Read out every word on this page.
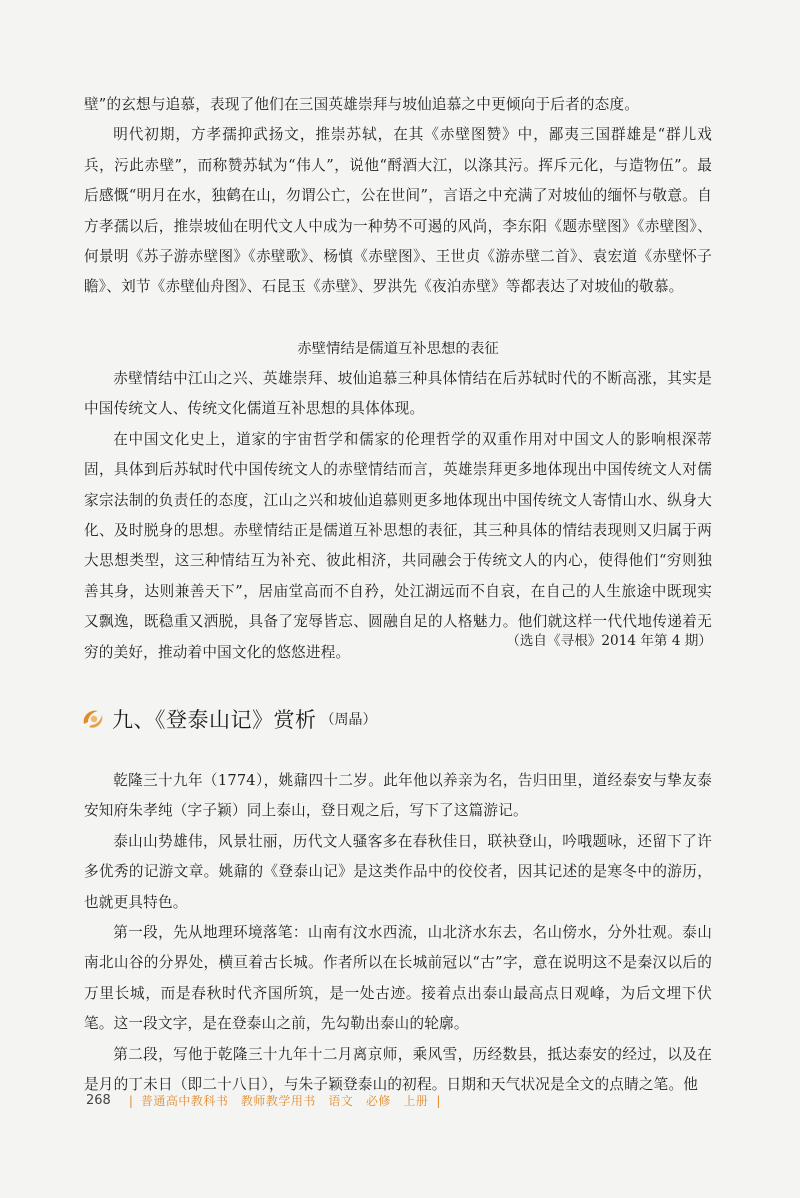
壁”的玄想与追慕，表现了他们在三国英雄崇拜与坡仙追慕之中更倾向于后者的态度。

明代初期，方孝孺抑武扬文，推崇苏轼，在其《赤壁图赞》中，鄙夷三国群雄是“群儿戏兵，污此赤壁”，而称赞苏轼为“伟人”，说他“酹酒大江，以涤其污。挥斥元化，与造物伍”。最后感慨“明月在水，独鹤在山，勿谓公亡，公在世间”，言语之中充满了对坡仙的缅怀与敬意。自方孝孺以后，推崇坡仙在明代文人中成为一种势不可遏的风尚，李东阳《题赤壁图》《赤壁图》、何景明《苏子游赤壁图》《赤壁歌》、杨慎《赤壁图》、王世贞《游赤壁二首》、袁宏道《赤壁怀子瞻》、刘节《赤壁仙舟图》、石昆玉《赤壁》、罗洪先《夜泊赤壁》等都表达了对坡仙的敬慕。

赤壁情结是儒道互补思想的表征

赤壁情结中江山之兴、英雄崇拜、坡仙追慕三种具体情结在后苏轼时代的不断高涨，其实是中国传统文人、传统文化儒道互补思想的具体体现。

在中国文化史上，道家的宇宙哲学和儒家的伦理哲学的双重作用对中国文人的影响根深蒂固，具体到后苏轼时代中国传统文人的赤壁情结而言，英雄崇拜更多地体现出中国传统文人对儒家宗法制的负责任的态度，江山之兴和坡仙追慕则更多地体现出中国传统文人寄情山水、纵身大化、及时脱身的思想。赤壁情结正是儒道互补思想的表征，其三种具体的情结表现则又归属于两大思想类型，这三种情结互为补充、彼此相济，共同融会于传统文人的内心，使得他们“穷则独善其身，达则兼善天下”，居庙堂高而不自矜，处江湖远而不自哀，在自己的人生旅途中既现实又飘逸，既稳重又洒脱，具备了宠辱皆忘、圆融自足的人格魅力。他们就这样一代代地传递着无穷的美好，推动着中国文化的悠悠进程。

（选自《寻根》2014 年第 4 期）
九、《登泰山记》赏析 （周晶）

乾隆三十九年（1774），姚鼐四十二岁。此年他以养亲为名，告归田里，道经泰安与挚友泰安知府朱孝纯（字子颖）同上泰山，登日观之后，写下了这篇游记。

泰山山势雄伟，风景壮丽，历代文人骚客多在春秋佳日，联袂登山，吟哦题咏，还留下了许多优秀的记游文章。姚鼐的《登泰山记》是这类作品中的佼佼者，因其记述的是寒冬中的游历，也就更具特色。

第一段，先从地理环境落笔：山南有汶水西流，山北济水东去，名山傍水，分外壮观。泰山南北山谷的分界处，横亘着古长城。作者所以在长城前冠以“古”字，意在说明这不是秦汉以后的万里长城，而是春秋时代齐国所筑，是一处古迹。接着点出泰山最高点日观峰，为后文埋下伏笔。这一段文字，是在登泰山之前，先勾勒出泰山的轮廓。

第二段，写他于乾隆三十九年十二月离京师，乘风雪，历经数县，抵达泰安的经过，以及在是月的丁未日（即二十八日），与朱子颖登泰山的初程。日期和天气状况是全文的点睛之笔。他

268 | 普通高中教科书　教师教学用书　语文　必修　上册 |
